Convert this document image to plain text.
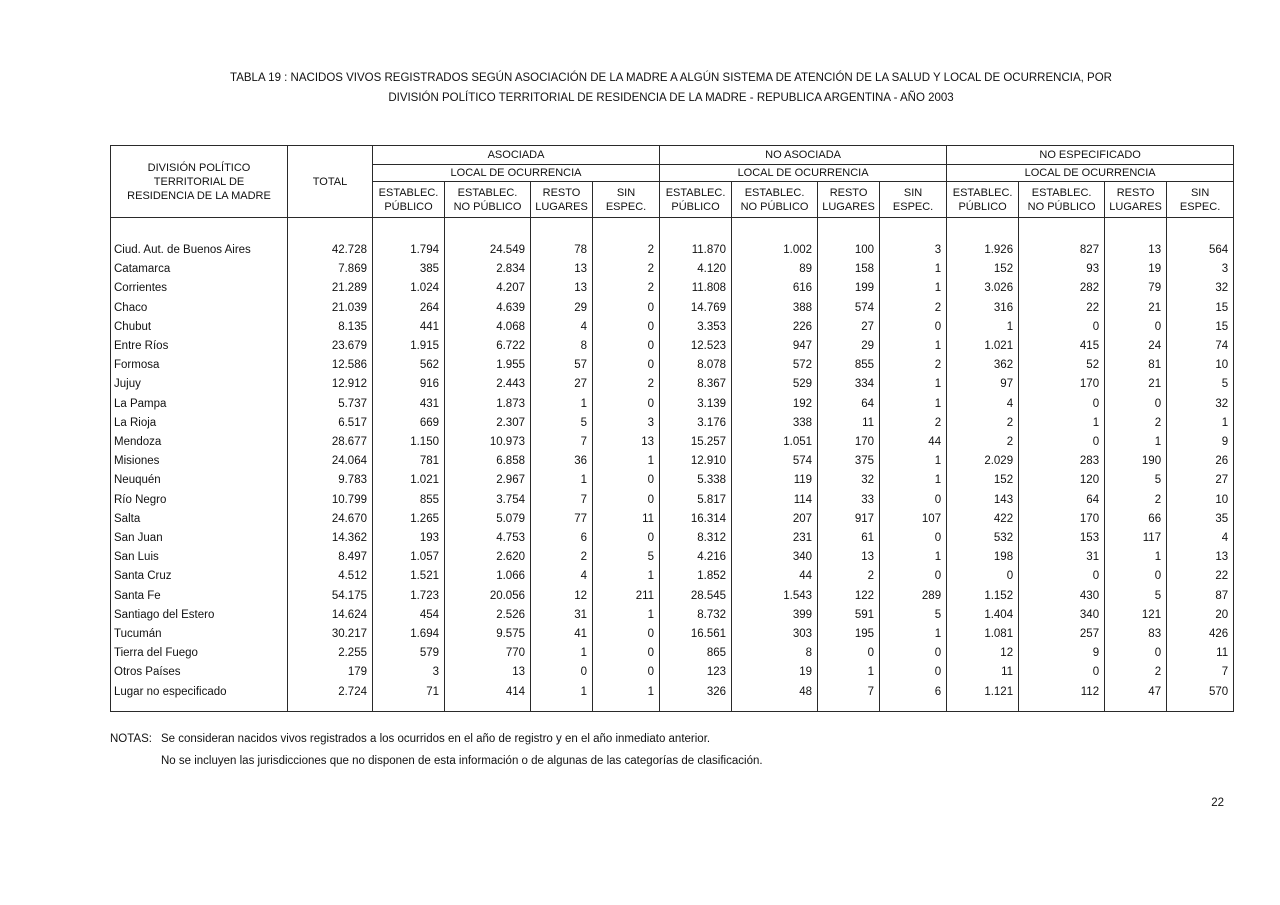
TABLA 19 : NACIDOS VIVOS REGISTRADOS SEGÚN ASOCIACIÓN DE LA MADRE A ALGÚN SISTEMA DE ATENCIÓN DE LA SALUD Y LOCAL DE OCURRENCIA, POR
DIVISIÓN POLÍTICO TERRITORIAL DE RESIDENCIA DE LA MADRE - REPUBLICA ARGENTINA - AÑO 2003
DIVISIÓN POLÍTICO
TERRITORIAL DE
RESIDENCIA DE LA MADRE	TOTAL	ASOCIADA				NO ASOCIADA				NO ESPECIFICADO			
		LOCAL DE OCURRENCIA				LOCAL DE OCURRENCIA				LOCAL DE OCURRENCIA			

ESTABLEC.
PÚBLICO

ESTABLEC.
NO PÚBLICO

RESTO
LUGARES

SIN
ESPEC.

ESTABLEC.
PÚBLICO

ESTABLEC.
NO PÚBLICO

RESTO
LUGARES

SIN
ESPEC.

ESTABLEC.
PÚBLICO

ESTABLEC.
NO PÚBLICO

RESTO
LUGARES

SIN
ESPEC.

Ciud. Aut. de Buenos Aires	42.728	1.794	24.549	78	2	11.870	1.002	100	3	1.926	827	13	564
Catamarca	7.869	385	2.834	13	2	4.120	89	158	1	152	93	19	3
Corrientes	21.289	1.024	4.207	13	2	11.808	616	199	1	3.026	282	79	32
Chaco	21.039	264	4.639	29	0	14.769	388	574	2	316	22	21	15
Chubut	8.135	441	4.068	4	0	3.353	226	27	0	1	0	0	15
Entre Ríos	23.679	1.915	6.722	8	0	12.523	947	29	1	1.021	415	24	74
Formosa	12.586	562	1.955	57	0	8.078	572	855	2	362	52	81	10
Jujuy	12.912	916	2.443	27	2	8.367	529	334	1	97	170	21	5
La Pampa	5.737	431	1.873	1	0	3.139	192	64	1	4	0	0	32
La Rioja	6.517	669	2.307	5	3	3.176	338	11	2	2	1	2	1
Mendoza	28.677	1.150	10.973	7	13	15.257	1.051	170	44	2	0	1	9
Misiones	24.064	781	6.858	36	1	12.910	574	375	1	2.029	283	190	26
Neuquén	9.783	1.021	2.967	1	0	5.338	119	32	1	152	120	5	27
Río Negro	10.799	855	3.754	7	0	5.817	114	33	0	143	64	2	10
Salta	24.670	1.265	5.079	77	11	16.314	207	917	107	422	170	66	35
San Juan	14.362	193	4.753	6	0	8.312	231	61	0	532	153	117	4
San Luis	8.497	1.057	2.620	2	5	4.216	340	13	1	198	31	1	13
Santa Cruz	4.512	1.521	1.066	4	1	1.852	44	2	0	0	0	0	22
Santa Fe	54.175	1.723	20.056	12	211	28.545	1.543	122	289	1.152	430	5	87
Santiago del Estero	14.624	454	2.526	31	1	8.732	399	591	5	1.404	340	121	20
Tucumán	30.217	1.694	9.575	41	0	16.561	303	195	1	1.081	257	83	426
Tierra del Fuego	2.255	579	770	1	0	865	8	0	0	12	9	0	11
Otros Países	179	3	13	0	0	123	19	1	0	11	0	2	7
Lugar no especificado	2.724	71	414	1	1	326	48	7	6	1.121	112	47	570
NOTAS: Se consideran nacidos vivos registrados a los ocurridos en el año de registro y en el año inmediato anterior.
No se incluyen las jurisdicciones que no disponen de esta información o de algunas de las categorías de clasificación.
22
